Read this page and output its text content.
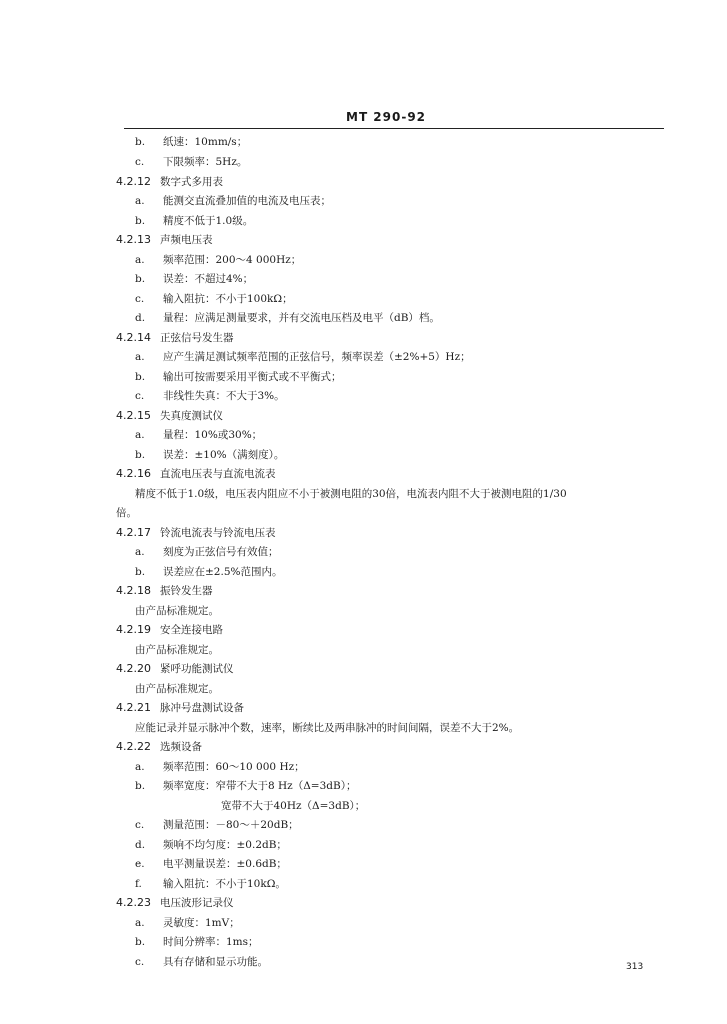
MT 290-92
b. 纸速：10mm/s；
c. 下限频率：5Hz。
4.2.12 数字式多用表
a. 能测交直流叠加值的电流及电压表；
b. 精度不低于1.0级。
4.2.13 声频电压表
a. 频率范围：200～4 000Hz；
b. 误差：不超过4%；
c. 输入阻抗：不小于100kΩ；
d. 量程：应满足测量要求，并有交流电压档及电平（dB）档。
4.2.14 正弦信号发生器
a. 应产生满足测试频率范围的正弦信号，频率误差（±2%+5）Hz；
b. 输出可按需要采用平衡式或不平衡式；
c. 非线性失真：不大于3%。
4.2.15 失真度测试仪
a. 量程：10%或30%；
b. 误差：±10%（满刻度）。
4.2.16 直流电压表与直流电流表
精度不低于1.0级，电压表内阻应不小于被测电阻的30倍，电流表内阻不大于被测电阻的1/30
倍。
4.2.17 铃流电流表与铃流电压表
a. 刻度为正弦信号有效值；
b. 误差应在±2.5%范围内。
4.2.18 振铃发生器
由产品标准规定。
4.2.19 安全连接电路
由产品标准规定。
4.2.20 紧呼功能测试仪
由产品标准规定。
4.2.21 脉冲号盘测试设备
应能记录并显示脉冲个数，速率，断续比及两串脉冲的时间间隔，误差不大于2%。
4.2.22 选频设备
a. 频率范围：60～10 000 Hz；
b. 频率宽度：窄带不大于8 Hz（Δ=3dB）；
宽带不大于40Hz（Δ=3dB）；
c. 测量范围：－80～＋20dB；
d. 频响不均匀度：±0.2dB；
e. 电平测量误差：±0.6dB；
f. 输入阻抗：不小于10kΩ。
4.2.23 电压波形记录仪
a. 灵敏度：1mV；
b. 时间分辨率：1ms；
c. 具有存储和显示功能。	313
